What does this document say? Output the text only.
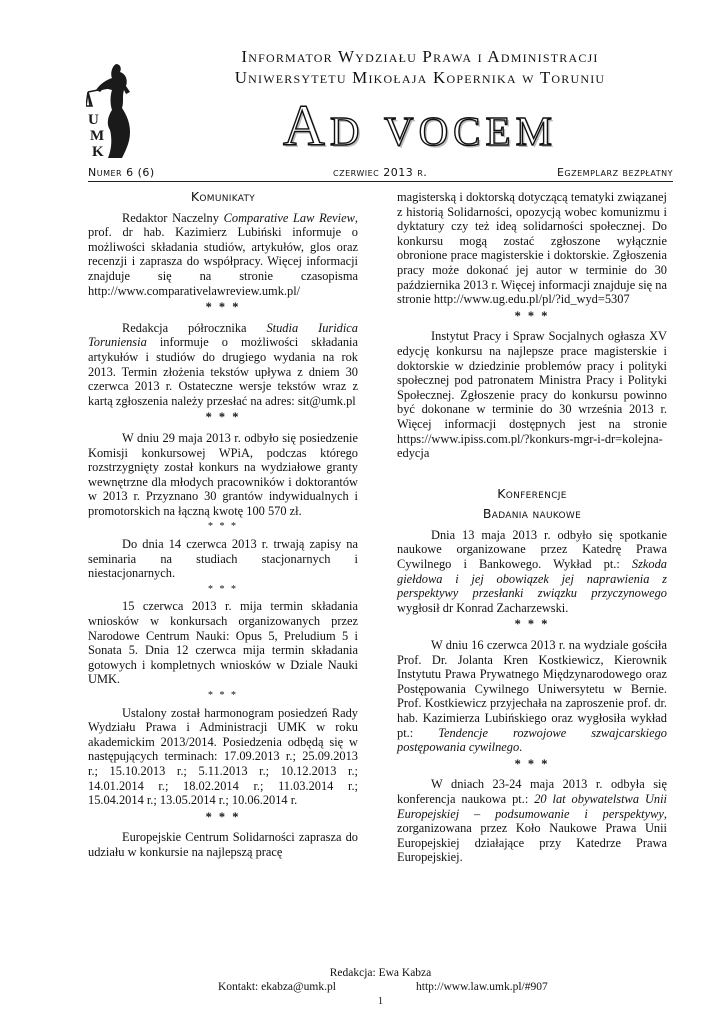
U
M
K
Informator Wydziału Prawa i Administracji
Uniwersytetu Mikołaja Kopernika w Toruniu
Ad vocem
Numer 6 (6)	czerwiec 2013 r.	Egzemplarz bezpłatny
Komunikaty

Redaktor Naczelny Comparative Law Review, prof. dr hab. Kazimierz Lubiński informuje o możliwości składania studiów, artykułów, glos oraz recenzji i zaprasza do współpracy. Więcej informacji znajduje się na stronie czasopisma http://www.comparativelawreview.umk.pl/

* * *

Redakcja półrocznika Studia Iuridica Toruniensia informuje o możliwości składania artykułów i studiów do drugiego wydania na rok 2013. Termin złożenia tekstów upływa z dniem 30 czerwca 2013 r. Ostateczne wersje tekstów wraz z kartą zgłoszenia należy przesłać na adres: sit@umk.pl

* * *

W dniu 29 maja 2013 r. odbyło się posiedzenie Komisji konkursowej WPiA, podczas którego rozstrzygnięty został konkurs na wydziałowe granty wewnętrzne dla młodych pracowników i doktorantów w 2013 r. Przyznano 30 grantów indywidualnych i promotorskich na łączną kwotę 100 570 zł.

* * *

Do dnia 14 czerwca 2013 r. trwają zapisy na seminaria na studiach stacjonarnych i niestacjonarnych.

* * *

15 czerwca 2013 r. mija termin składania wniosków w konkursach organizowanych przez Narodowe Centrum Nauki: Opus 5, Preludium 5 i Sonata 5. Dnia 12 czerwca mija termin składania gotowych i kompletnych wniosków w Dziale Nauki UMK.

* * *

Ustalony został harmonogram posiedzeń Rady Wydziału Prawa i Administracji UMK w roku akademickim 2013/2014. Posiedzenia odbędą się w następujących terminach: 17.09.2013 r.; 25.09.2013 r.; 15.10.2013 r.; 5.11.2013 r.; 10.12.2013 r.; 14.01.2014 r.; 18.02.2014 r.; 11.03.2014 r.; 15.04.2014 r.; 13.05.2014 r.; 10.06.2014 r.

* * *

Europejskie Centrum Solidarności zaprasza do udziału w konkursie na najlepszą pracę

magisterską i doktorską dotyczącą tematyki związanej z historią Solidarności, opozycją wobec komunizmu i dyktatury czy też ideą solidarności społecznej. Do konkursu mogą zostać zgłoszone wyłącznie obronione prace magisterskie i doktorskie. Zgłoszenia pracy może dokonać jej autor w terminie do 30 października 2013 r. Więcej informacji znajduje się na stronie http://www.ug.edu.pl/pl/?id_wyd=5307

* * *

Instytut Pracy i Spraw Socjalnych ogłasza XV edycję konkursu na najlepsze prace magisterskie i doktorskie w dziedzinie problemów pracy i polityki społecznej pod patronatem Ministra Pracy i Polityki Społecznej. Zgłoszenie pracy do konkursu powinno być dokonane w terminie do 30 września 2013 r. Więcej informacji dostępnych jest na stronie https://www.ipiss.com.pl/?konkurs-mgr-i-dr=kolejna-edycja

Konferencje
Badania naukowe

Dnia 13 maja 2013 r. odbyło się spotkanie naukowe organizowane przez Katedrę Prawa Cywilnego i Bankowego. Wykład pt.: Szkoda giełdowa i jej obowiązek jej naprawienia z perspektywy przesłanki związku przyczynowego wygłosił dr Konrad Zacharzewski.

* * *

W dniu 16 czerwca 2013 r. na wydziale gościła Prof. Dr. Jolanta Kren Kostkiewicz, Kierownik Instytutu Prawa Prywatnego Międzynarodowego oraz Postępowania Cywilnego Uniwersytetu w Bernie. Prof. Kostkiewicz przyjechała na zaproszenie prof. dr. hab. Kazimierza Lubińskiego oraz wygłosiła wykład pt.: Tendencje rozwojowe szwajcarskiego postępowania cywilnego.

* * *

W dniach 23-24 maja 2013 r. odbyła się konferencja naukowa pt.: 20 lat obywatelstwa Unii Europejskiej – podsumowanie i perspektywy, zorganizowana przez Koło Naukowe Prawa Unii Europejskiej działające przy Katedrze Prawa Europejskiej.

Redakcja: Ewa Kabza
Kontakt: ekabza@umk.pl	http://www.law.umk.pl/#907
1
